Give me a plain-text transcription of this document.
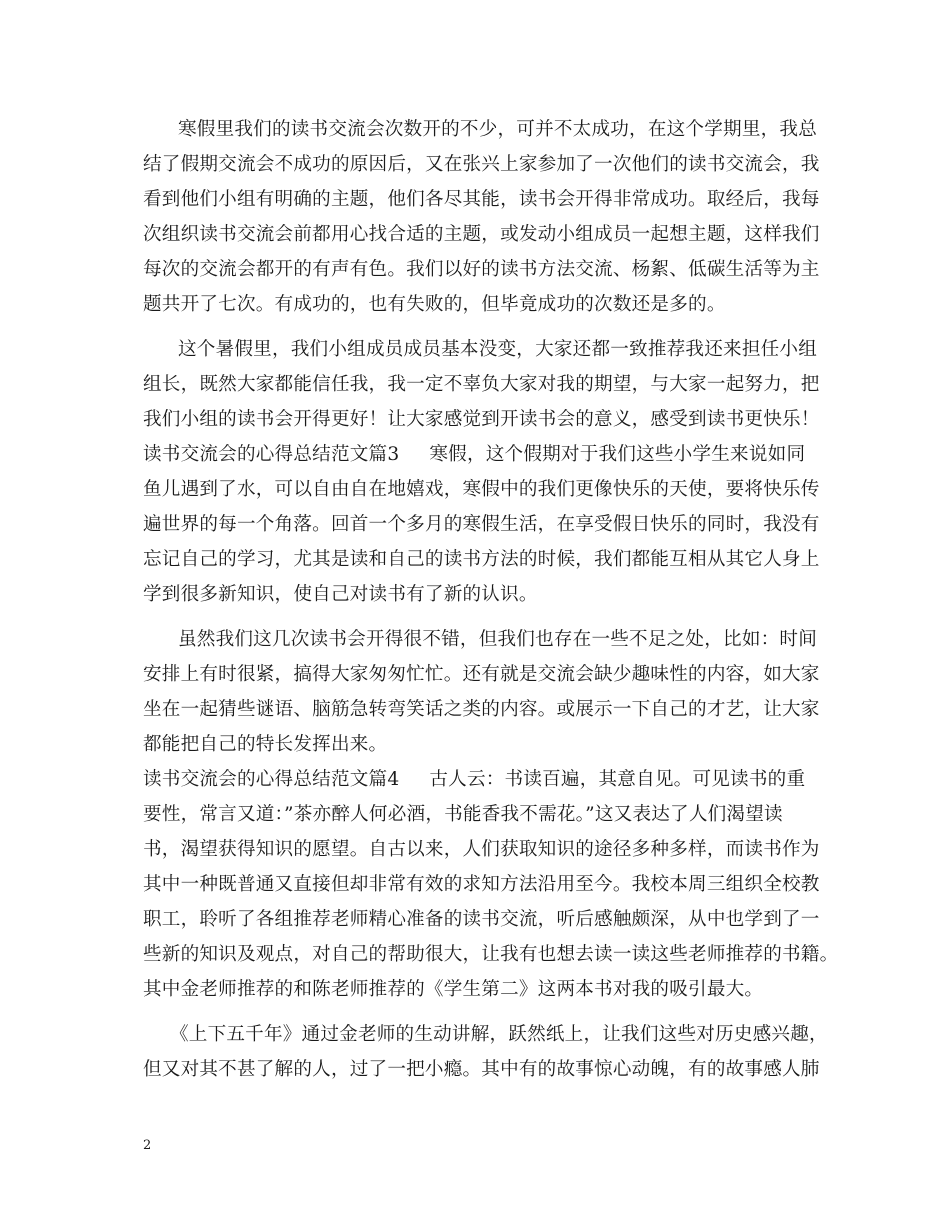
寒假里我们的读书交流会次数开的不少，可并不太成功，在这个学期里，我总
结了假期交流会不成功的原因后，又在张兴上家参加了一次他们的读书交流会，我
看到他们小组有明确的主题，他们各尽其能，读书会开得非常成功。取经后，我每
次组织读书交流会前都用心找合适的主题，或发动小组成员一起想主题，这样我们
每次的交流会都开的有声有色。我们以好的读书方法交流、杨絮、低碳生活等为主
题共开了七次。有成功的，也有失败的，但毕竟成功的次数还是多的。
这个暑假里，我们小组成员成员基本没变，大家还都一致推荐我还来担任小组
组长，既然大家都能信任我，我一定不辜负大家对我的期望，与大家一起努力，把
我们小组的读书会开得更好！让大家感觉到开读书会的意义，感受到读书更快乐！
读书交流会的心得总结范文篇3 寒假，这个假期对于我们这些小学生来说如同
鱼儿遇到了水，可以自由自在地嬉戏，寒假中的我们更像快乐的天使，要将快乐传
遍世界的每一个角落。回首一个多月的寒假生活，在享受假日快乐的同时，我没有
忘记自己的学习，尤其是读和自己的读书方法的时候，我们都能互相从其它人身上
学到很多新知识，使自己对读书有了新的认识。
虽然我们这几次读书会开得很不错，但我们也存在一些不足之处，比如：时间
安排上有时很紧，搞得大家匆匆忙忙。还有就是交流会缺少趣味性的内容，如大家
坐在一起猜些谜语、脑筋急转弯笑话之类的内容。或展示一下自己的才艺，让大家
都能把自己的特长发挥出来。
读书交流会的心得总结范文篇4 古人云：书读百遍，其意自见。可见读书的重
要性，常言又道：”茶亦醉人何必酒，书能香我不需花。”这又表达了人们渴望读
书，渴望获得知识的愿望。自古以来，人们获取知识的途径多种多样，而读书作为
其中一种既普通又直接但却非常有效的求知方法沿用至今。我校本周三组织全校教
职工，聆听了各组推荐老师精心准备的读书交流，听后感触颇深，从中也学到了一
些新的知识及观点，对自己的帮助很大，让我有也想去读一读这些老师推荐的书籍。
其中金老师推荐的和陈老师推荐的《学生第二》这两本书对我的吸引最大。
《上下五千年》通过金老师的生动讲解，跃然纸上，让我们这些对历史感兴趣，
但又对其不甚了解的人，过了一把小瘾。其中有的故事惊心动魄，有的故事感人肺
2
